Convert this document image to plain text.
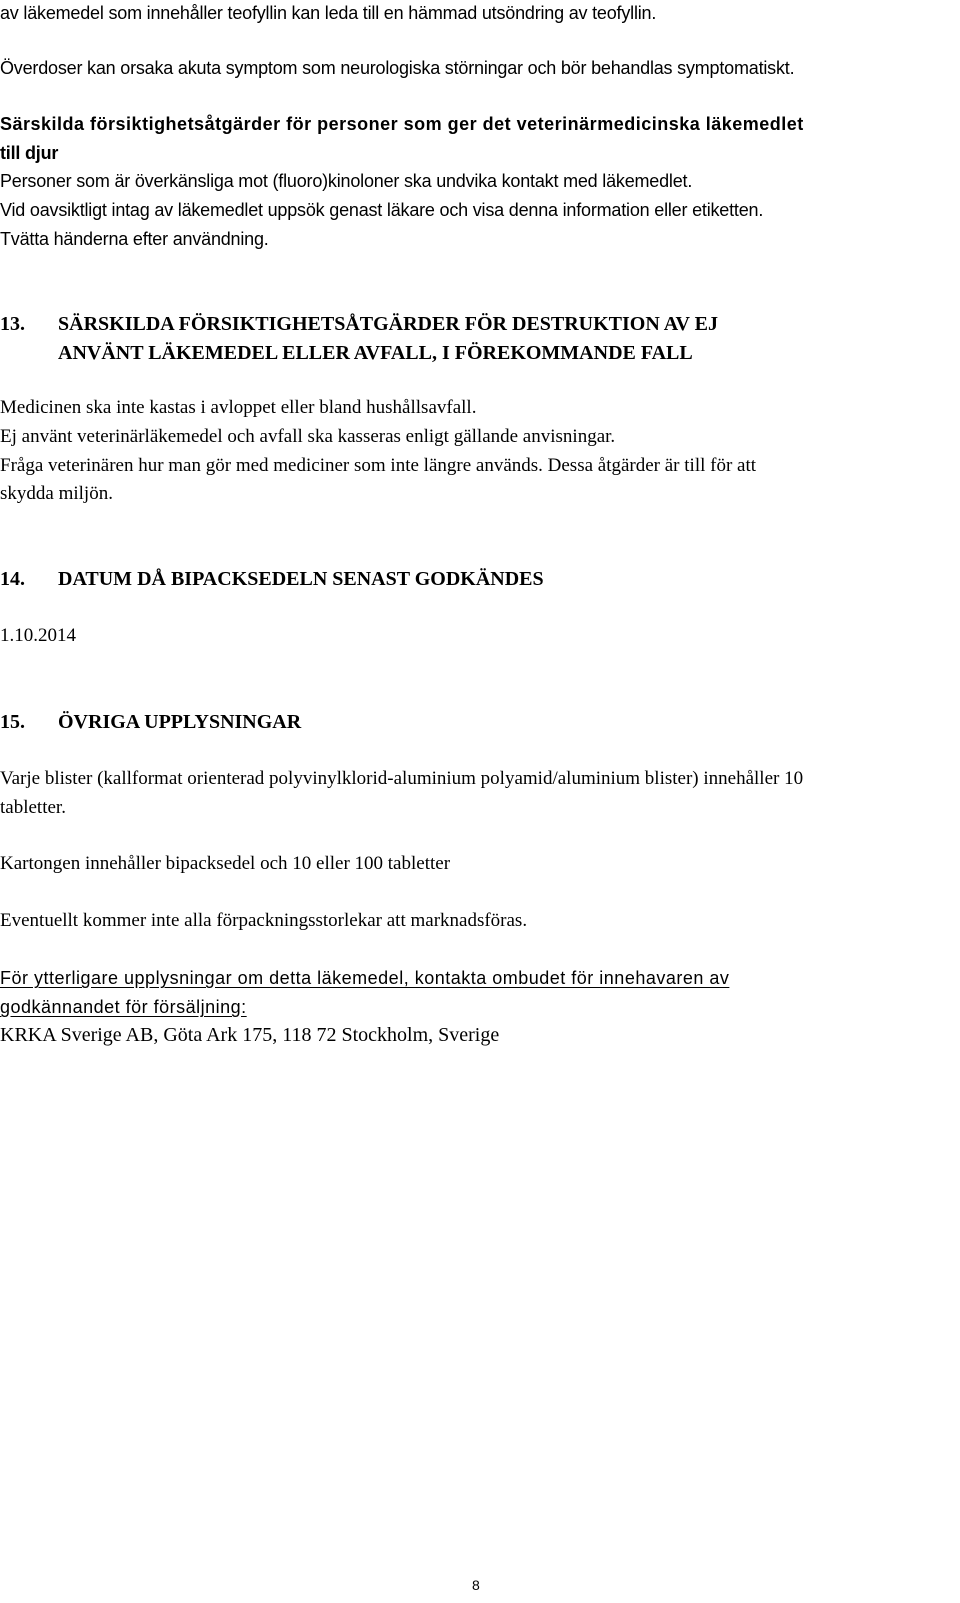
av läkemedel som innehåller teofyllin kan leda till en hämmad utsöndring av teofyllin.
Överdoser kan orsaka akuta symptom som neurologiska störningar och bör behandlas symptomatiskt.
Särskilda försiktighetsåtgärder för personer som ger det veterinärmedicinska läkemedlet
till djur
Personer som är överkänsliga mot (fluoro)kinoloner ska undvika kontakt med läkemedlet.
Vid oavsiktligt intag av läkemedlet uppsök genast läkare och visa denna information eller etiketten.
Tvätta händerna efter användning.
13. SÄRSKILDA FÖRSIKTIGHETSÅTGÄRDER FÖR DESTRUKTION AV EJ
ANVÄNT LÄKEMEDEL ELLER AVFALL, I FÖREKOMMANDE FALL
Medicinen ska inte kastas i avloppet eller bland hushållsavfall.
Ej använt veterinärläkemedel och avfall ska kasseras enligt gällande anvisningar.
Fråga veterinären hur man gör med mediciner som inte längre används. Dessa åtgärder är till för att
skydda miljön.
14. DATUM DÅ BIPACKSEDELN SENAST GODKÄNDES
1.10.2014
15. ÖVRIGA UPPLYSNINGAR
Varje blister (kallformat orienterad polyvinylklorid-aluminium polyamid/aluminium blister) innehåller 10
tabletter.
Kartongen innehåller bipacksedel och 10 eller 100 tabletter
Eventuellt kommer inte alla förpackningsstorlekar att marknadsföras.
För ytterligare upplysningar om detta läkemedel, kontakta ombudet för innehavaren av
godkännandet för försäljning:
KRKA Sverige AB, Göta Ark 175, 118 72 Stockholm, Sverige
8
